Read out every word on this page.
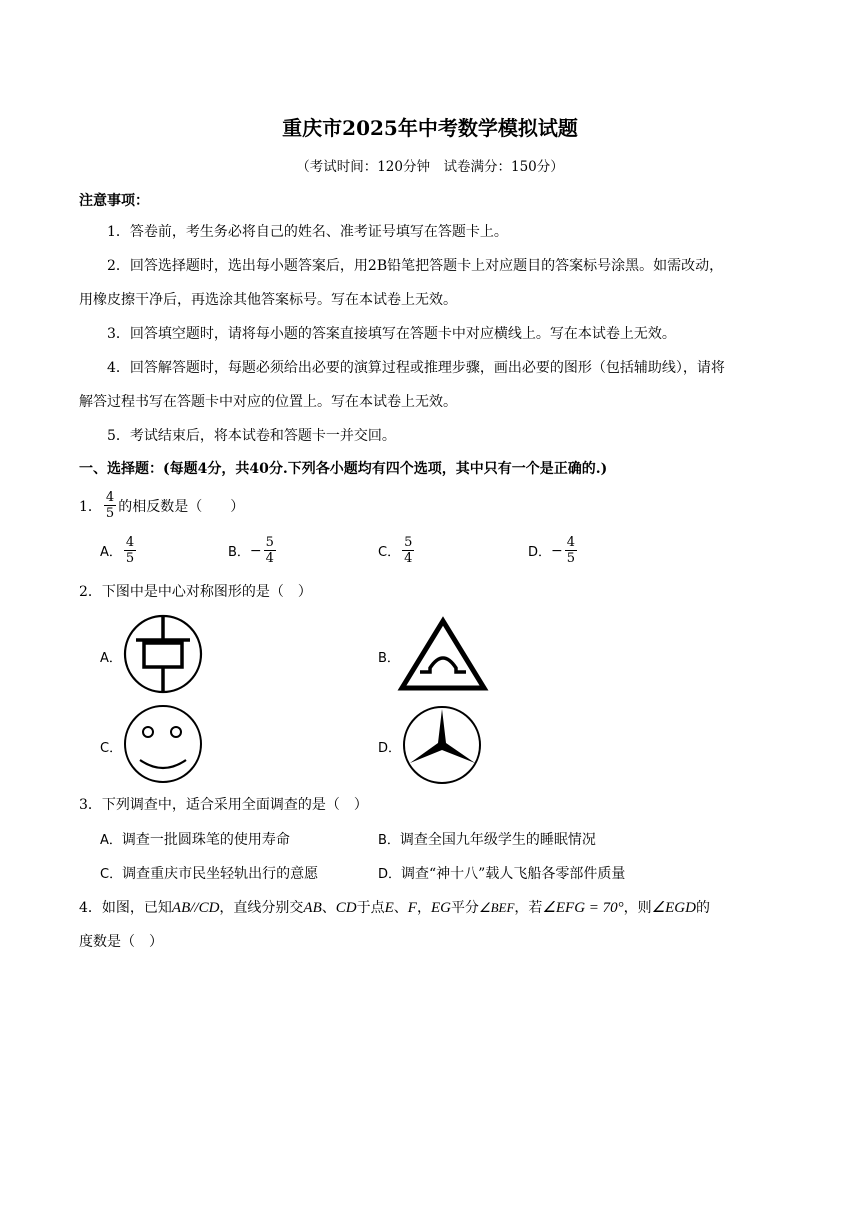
重庆市2025年中考数学模拟试题
（考试时间：120分钟　试卷满分：150分）
注意事项：
1．答卷前，考生务必将自己的姓名、准考证号填写在答题卡上。
2．回答选择题时，选出每小题答案后，用2B铅笔把答题卡上对应题目的答案标号涂黑。如需改动，
用橡皮擦干净后，再选涂其他答案标号。写在本试卷上无效。
3．回答填空题时，请将每小题的答案直接填写在答题卡中对应横线上。写在本试卷上无效。
4．回答解答题时，每题必须给出必要的演算过程或推理步骤，画出必要的图形（包括辅助线），请将
解答过程书写在答题卡中对应的位置上。写在本试卷上无效。
5．考试结束后，将本试卷和答题卡一并交回。
一、选择题：(每题4分，共40分.下列各小题均有四个选项，其中只有一个是正确的.)
1． $\frac{4}{5}$ 的相反数是（　　）
A． $\frac{4}{5}$	B． − $\frac{5}{4}$	C． $\frac{5}{4}$	D． − $\frac{4}{5}$
2．下图中是中心对称图形的是（　）
A．	B．
C．	D．
3．下列调查中，适合采用全面调查的是（　）
A．调查一批圆珠笔的使用寿命	B．调查全国九年级学生的睡眠情况
C．调查重庆市民坐轻轨出行的意愿	D．调查“神十八”载人飞船各零部件质量
4．如图，已知AB//CD，直线分别交AB、CD于点E、F，EG平分∠BEF，若∠EFG = 70°，则∠EGD的
度数是（　）
